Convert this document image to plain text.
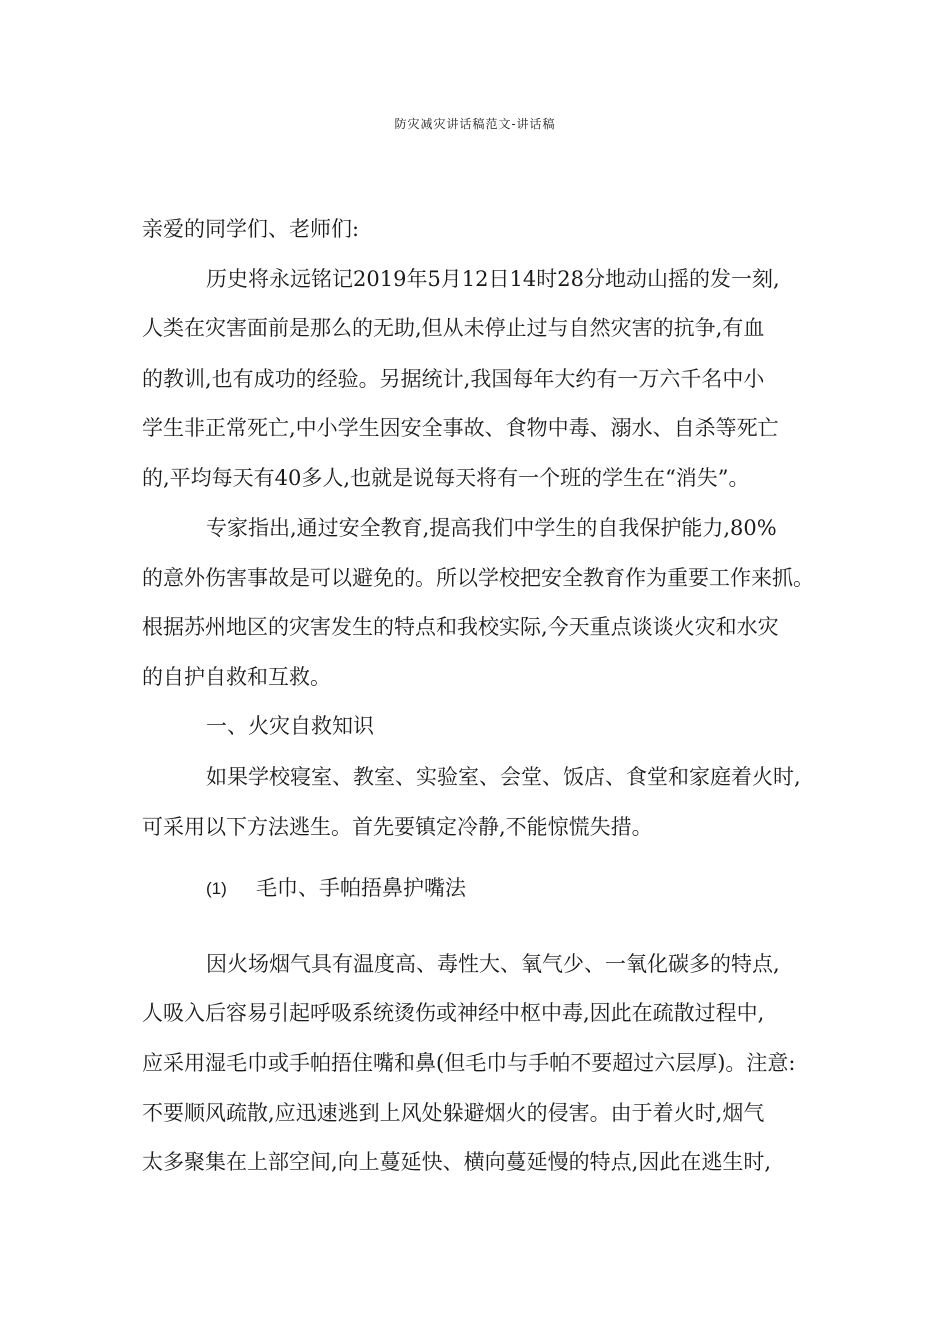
防灾减灾讲话稿范文-讲话稿

亲爱的同学们、老师们:

历史将永远铭记2019年5月12日14时28分地动山摇的发一刻,

人类在灾害面前是那么的无助,但从未停止过与自然灾害的抗争,有血

的教训,也有成功的经验。另据统计,我国每年大约有一万六千名中小

学生非正常死亡,中小学生因安全事故、食物中毒、溺水、自杀等死亡

的,平均每天有40多人,也就是说每天将有一个班的学生在“消失”。

专家指出,通过安全教育,提高我们中学生的自我保护能力,80%

的意外伤害事故是可以避免的。所以学校把安全教育作为重要工作来抓。

根据苏州地区的灾害发生的特点和我校实际,今天重点谈谈火灾和水灾

的自护自救和互救。

一、火灾自救知识

如果学校寝室、教室、实验室、会堂、饭店、食堂和家庭着火时,

可采用以下方法逃生。首先要镇定冷静,不能惊慌失措。

(1) 毛巾、手帕捂鼻护嘴法

因火场烟气具有温度高、毒性大、氧气少、一氧化碳多的特点,

人吸入后容易引起呼吸系统烫伤或神经中枢中毒,因此在疏散过程中,

应采用湿毛巾或手帕捂住嘴和鼻(但毛巾与手帕不要超过六层厚)。注意:

不要顺风疏散,应迅速逃到上风处躲避烟火的侵害。由于着火时,烟气

太多聚集在上部空间,向上蔓延快、横向蔓延慢的特点,因此在逃生时,
